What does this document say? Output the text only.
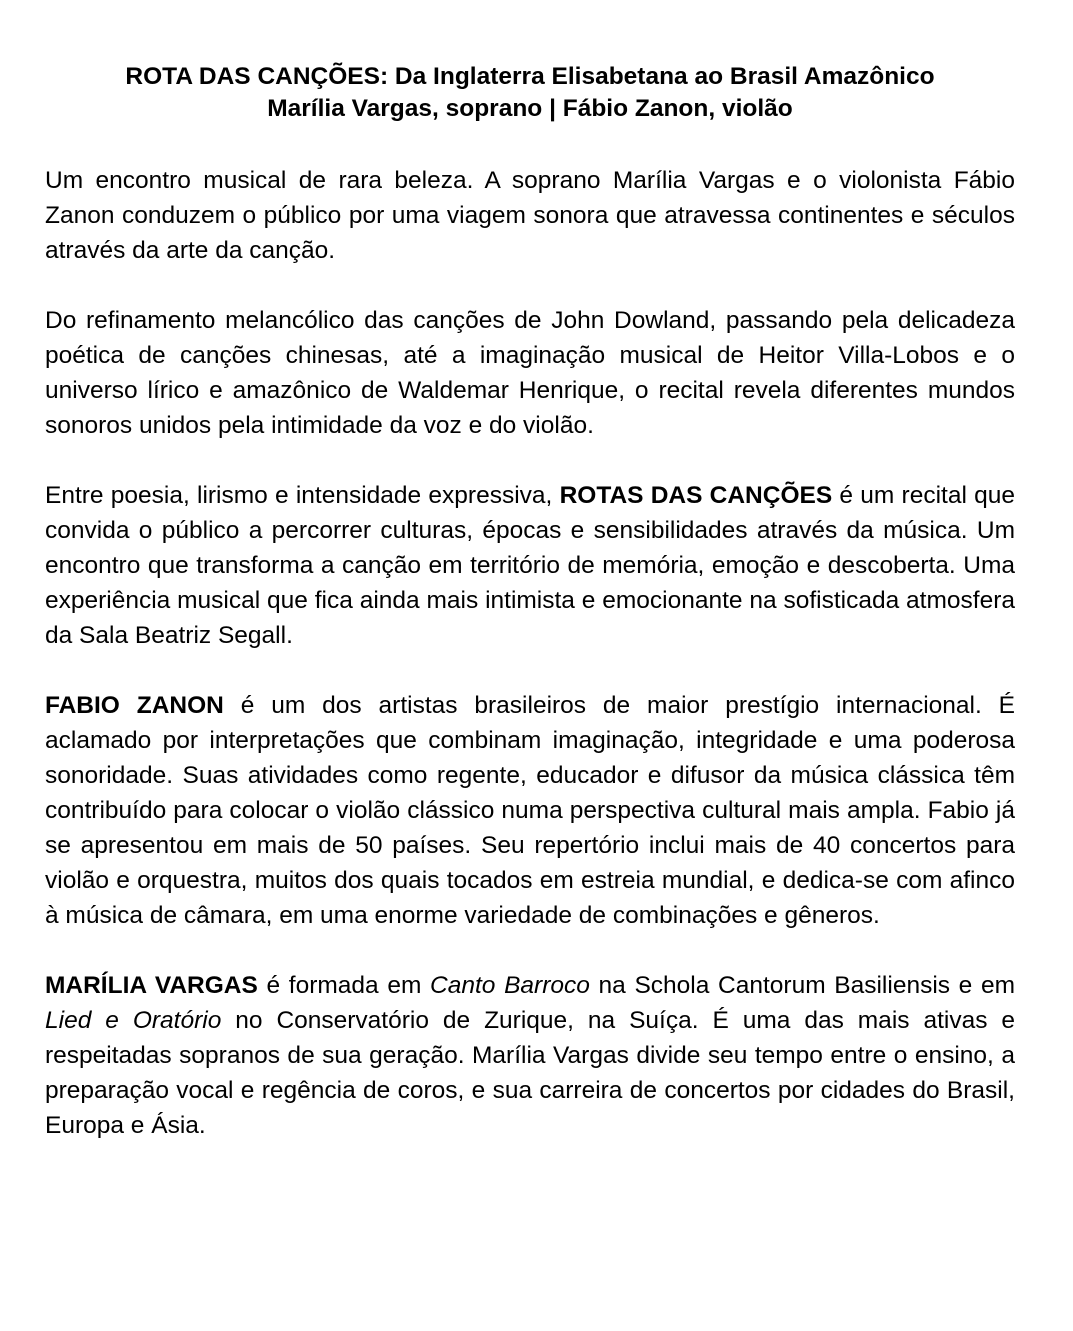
ROTA DAS CANÇÕES: Da Inglaterra Elisabetana ao Brasil Amazônico
Marília Vargas, soprano | Fábio Zanon, violão

Um encontro musical de rara beleza. A soprano Marília Vargas e o violonista Fábio Zanon conduzem o público por uma viagem sonora que atravessa continentes e séculos através da arte da canção.

Do refinamento melancólico das canções de John Dowland, passando pela delicadeza poética de canções chinesas, até a imaginação musical de Heitor Villa-Lobos e o universo lírico e amazônico de Waldemar Henrique, o recital revela diferentes mundos sonoros unidos pela intimidade da voz e do violão.

Entre poesia, lirismo e intensidade expressiva, ROTAS DAS CANÇÕES é um recital que convida o público a percorrer culturas, épocas e sensibilidades através da música. Um encontro que transforma a canção em território de memória, emoção e descoberta. Uma experiência musical que fica ainda mais intimista e emocionante na sofisticada atmosfera da Sala Beatriz Segall.

FABIO ZANON é um dos artistas brasileiros de maior prestígio internacional. É aclamado por interpretações que combinam imaginação, integridade e uma poderosa sonoridade. Suas atividades como regente, educador e difusor da música clássica têm contribuído para colocar o violão clássico numa perspectiva cultural mais ampla. Fabio já se apresentou em mais de 50 países. Seu repertório inclui mais de 40 concertos para violão e orquestra, muitos dos quais tocados em estreia mundial, e dedica-se com afinco à música de câmara, em uma enorme variedade de combinações e gêneros.

MARÍLIA VARGAS é formada em Canto Barroco na Schola Cantorum Basiliensis e em Lied e Oratório no Conservatório de Zurique, na Suíça. É uma das mais ativas e respeitadas sopranos de sua geração. Marília Vargas divide seu tempo entre o ensino, a preparação vocal e regência de coros, e sua carreira de concertos por cidades do Brasil, Europa e Ásia.
